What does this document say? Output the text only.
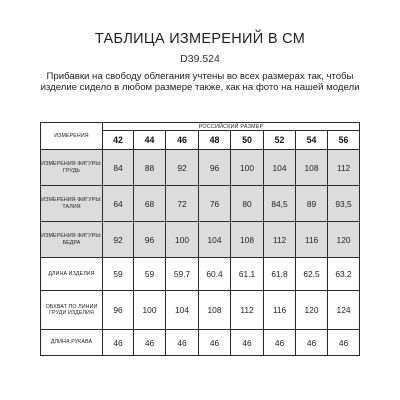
ТАБЛИЦА ИЗМЕРЕНИЙ В СМ
D39.524
Прибавки на свободу облегания учтены во всех размерах так, чтобы изделие сидело в любом размере также, как на фото на нашей модели
ИЗМЕРЕНИЯ	РОССИЙСКИЙ РАЗМЕР							
	42	44	46	48	50	52	54	56
ИЗМЕРЕНИЯ ФИГУРЫ: ГРУДЬ	84	88	92	96	100	104	108	112
ИЗМЕРЕНИЯ ФИГУРЫ: ТАЛИЯ	64	68	72	76	80	84,5	89	93,5
ИЗМЕРЕНИЯ ФИГУРЫ: БЕДРА	92	96	100	104	108	112	116	120
ДЛИНА ИЗДЕЛИЯ	59	59	59.7	60.4	61.1	61.8	62.5	63.2
ОБХВАТ ПО ЛИНИИ ГРУДИ ИЗДЕЛИЯ	96	100	104	108	112	116	120	124
ДЛИНА РУКАВА	46	46	46	46	46	46	46	46
